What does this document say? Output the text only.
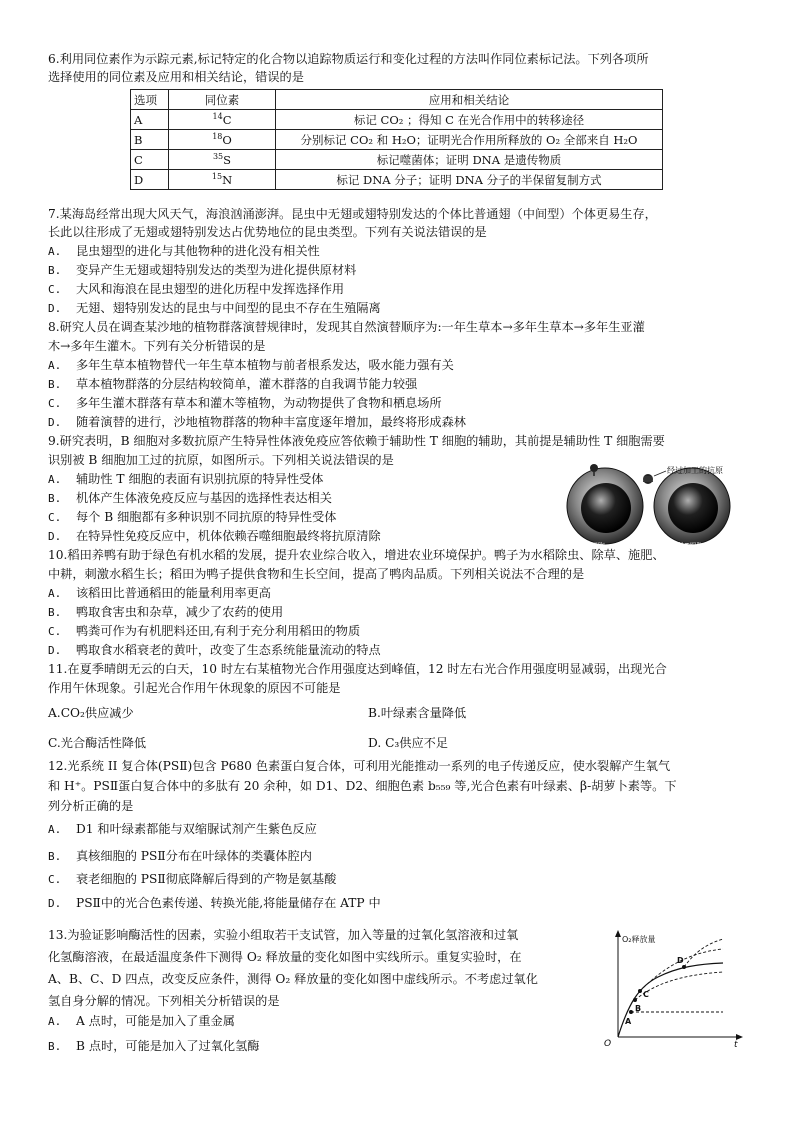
6.利用同位素作为示踪元素,标记特定的化合物以追踪物质运行和变化过程的方法叫作同位素标记法。下列各项所
选择使用的同位素及应用和相关结论，错误的是
选项	同位素	应用和相关结论
A	$^{14}$C	标记 CO₂ ；得知 C 在光合作用中的转移途径
B	$^{18}$O	分别标记 CO₂ 和 H₂O；证明光合作用所释放的 O₂ 全部来自 H₂O
C	$^{35}$S	标记噬菌体；证明 DNA 是遗传物质
D	$^{15}$N	标记 DNA 分子；证明 DNA 分子的半保留复制方式
7.某海岛经常出现大风天气，海浪汹涌澎湃。昆虫中无翅或翅特别发达的个体比普通翅（中间型）个体更易生存，
长此以往形成了无翅或翅特别发达占优势地位的昆虫类型。下列有关说法错误的是
A. 昆虫翅型的进化与其他物种的进化没有相关性
B. 变异产生无翅或翅特别发达的类型为进化提供原材料
C. 大风和海浪在昆虫翅型的进化历程中发挥选择作用
D. 无翅、翅特别发达的昆虫与中间型的昆虫不存在生殖隔离
8.研究人员在调查某沙地的植物群落演替规律时，发现其自然演替顺序为:一年生草本→多年生草本→多年生亚灌
木→多年生灌木。下列有关分析错误的是
A. 多年生草本植物替代一年生草本植物与前者根系发达，吸水能力强有关
B. 草本植物群落的分层结构较简单，灌木群落的自我调节能力较强
C. 多年生灌木群落有草本和灌木等植物，为动物提供了食物和栖息场所
D. 随着演替的进行，沙地植物群落的物种丰富度逐年增加，最终将形成森林
9.研究表明，B 细胞对多数抗原产生特异性体液免疫应答依赖于辅助性 T 细胞的辅助，其前提是辅助性 T 细胞需要
识别被 B 细胞加工过的抗原，如图所示。下列相关说法错误的是
A. 辅助性 T 细胞的表面有识别抗原的特异性受体
B. 机体产生体液免疫反应与基因的选择性表达相关
C. 每个 B 细胞都有多种识别不同抗原的特异性受体
D. 在特异性免疫反应中，机体依赖吞噬细胞最终将抗原清除
经过加工的抗原
B细胞	辅助性T细胞
10.稻田养鸭有助于绿色有机水稻的发展，提升农业综合收入，增进农业环境保护。鸭子为水稻除虫、除草、施肥、
中耕，刺激水稻生长；稻田为鸭子提供食物和生长空间，提高了鸭肉品质。下列相关说法不合理的是
A. 该稻田比普通稻田的能量利用率更高
B. 鸭取食害虫和杂草，减少了农药的使用
C. 鸭粪可作为有机肥料还田,有利于充分利用稻田的物质
D. 鸭取食水稻衰老的黄叶，改变了生态系统能量流动的特点
11.在夏季晴朗无云的白天，10 时左右某植物光合作用强度达到峰值，12 时左右光合作用强度明显减弱，出现光合
作用午休现象。引起光合作用午休现象的原因不可能是
A.CO₂供应减少	B.叶绿素含量降低
C.光合酶活性降低	D. C₃供应不足
12.光系统 II 复合体(PSⅡ)包含 P680 色素蛋白复合体，可利用光能推动一系列的电子传递反应，使水裂解产生氧气
和 H⁺。PSⅡ蛋白复合体中的多肽有 20 余种，如 D1、D2、细胞色素 b₅₅₉ 等,光合色素有叶绿素、β-胡萝卜素等。下
列分析正确的是
A. D1 和叶绿素都能与双缩脲试剂产生紫色反应
B. 真核细胞的 PSⅡ分布在叶绿体的类囊体腔内
C. 衰老细胞的 PSⅡ彻底降解后得到的产物是氨基酸
D. PSⅡ中的光合色素传递、转换光能,将能量储存在 ATP 中
13.为验证影响酶活性的因素，实验小组取若干支试管，加入等量的过氧化氢溶液和过氧
化氢酶溶液，在最适温度条件下测得 O₂ 释放量的变化如图中实线所示。重复实验时，在
A、B、C、D 四点，改变反应条件，测得 O₂ 释放量的变化如图中虚线所示。不考虑过氧化
氢自身分解的情况。下列相关分析错误的是
A. A 点时，可能是加入了重金属
B. B 点时，可能是加入了过氧化氢酶
O₂释放量
O	t
A
B
C
D
